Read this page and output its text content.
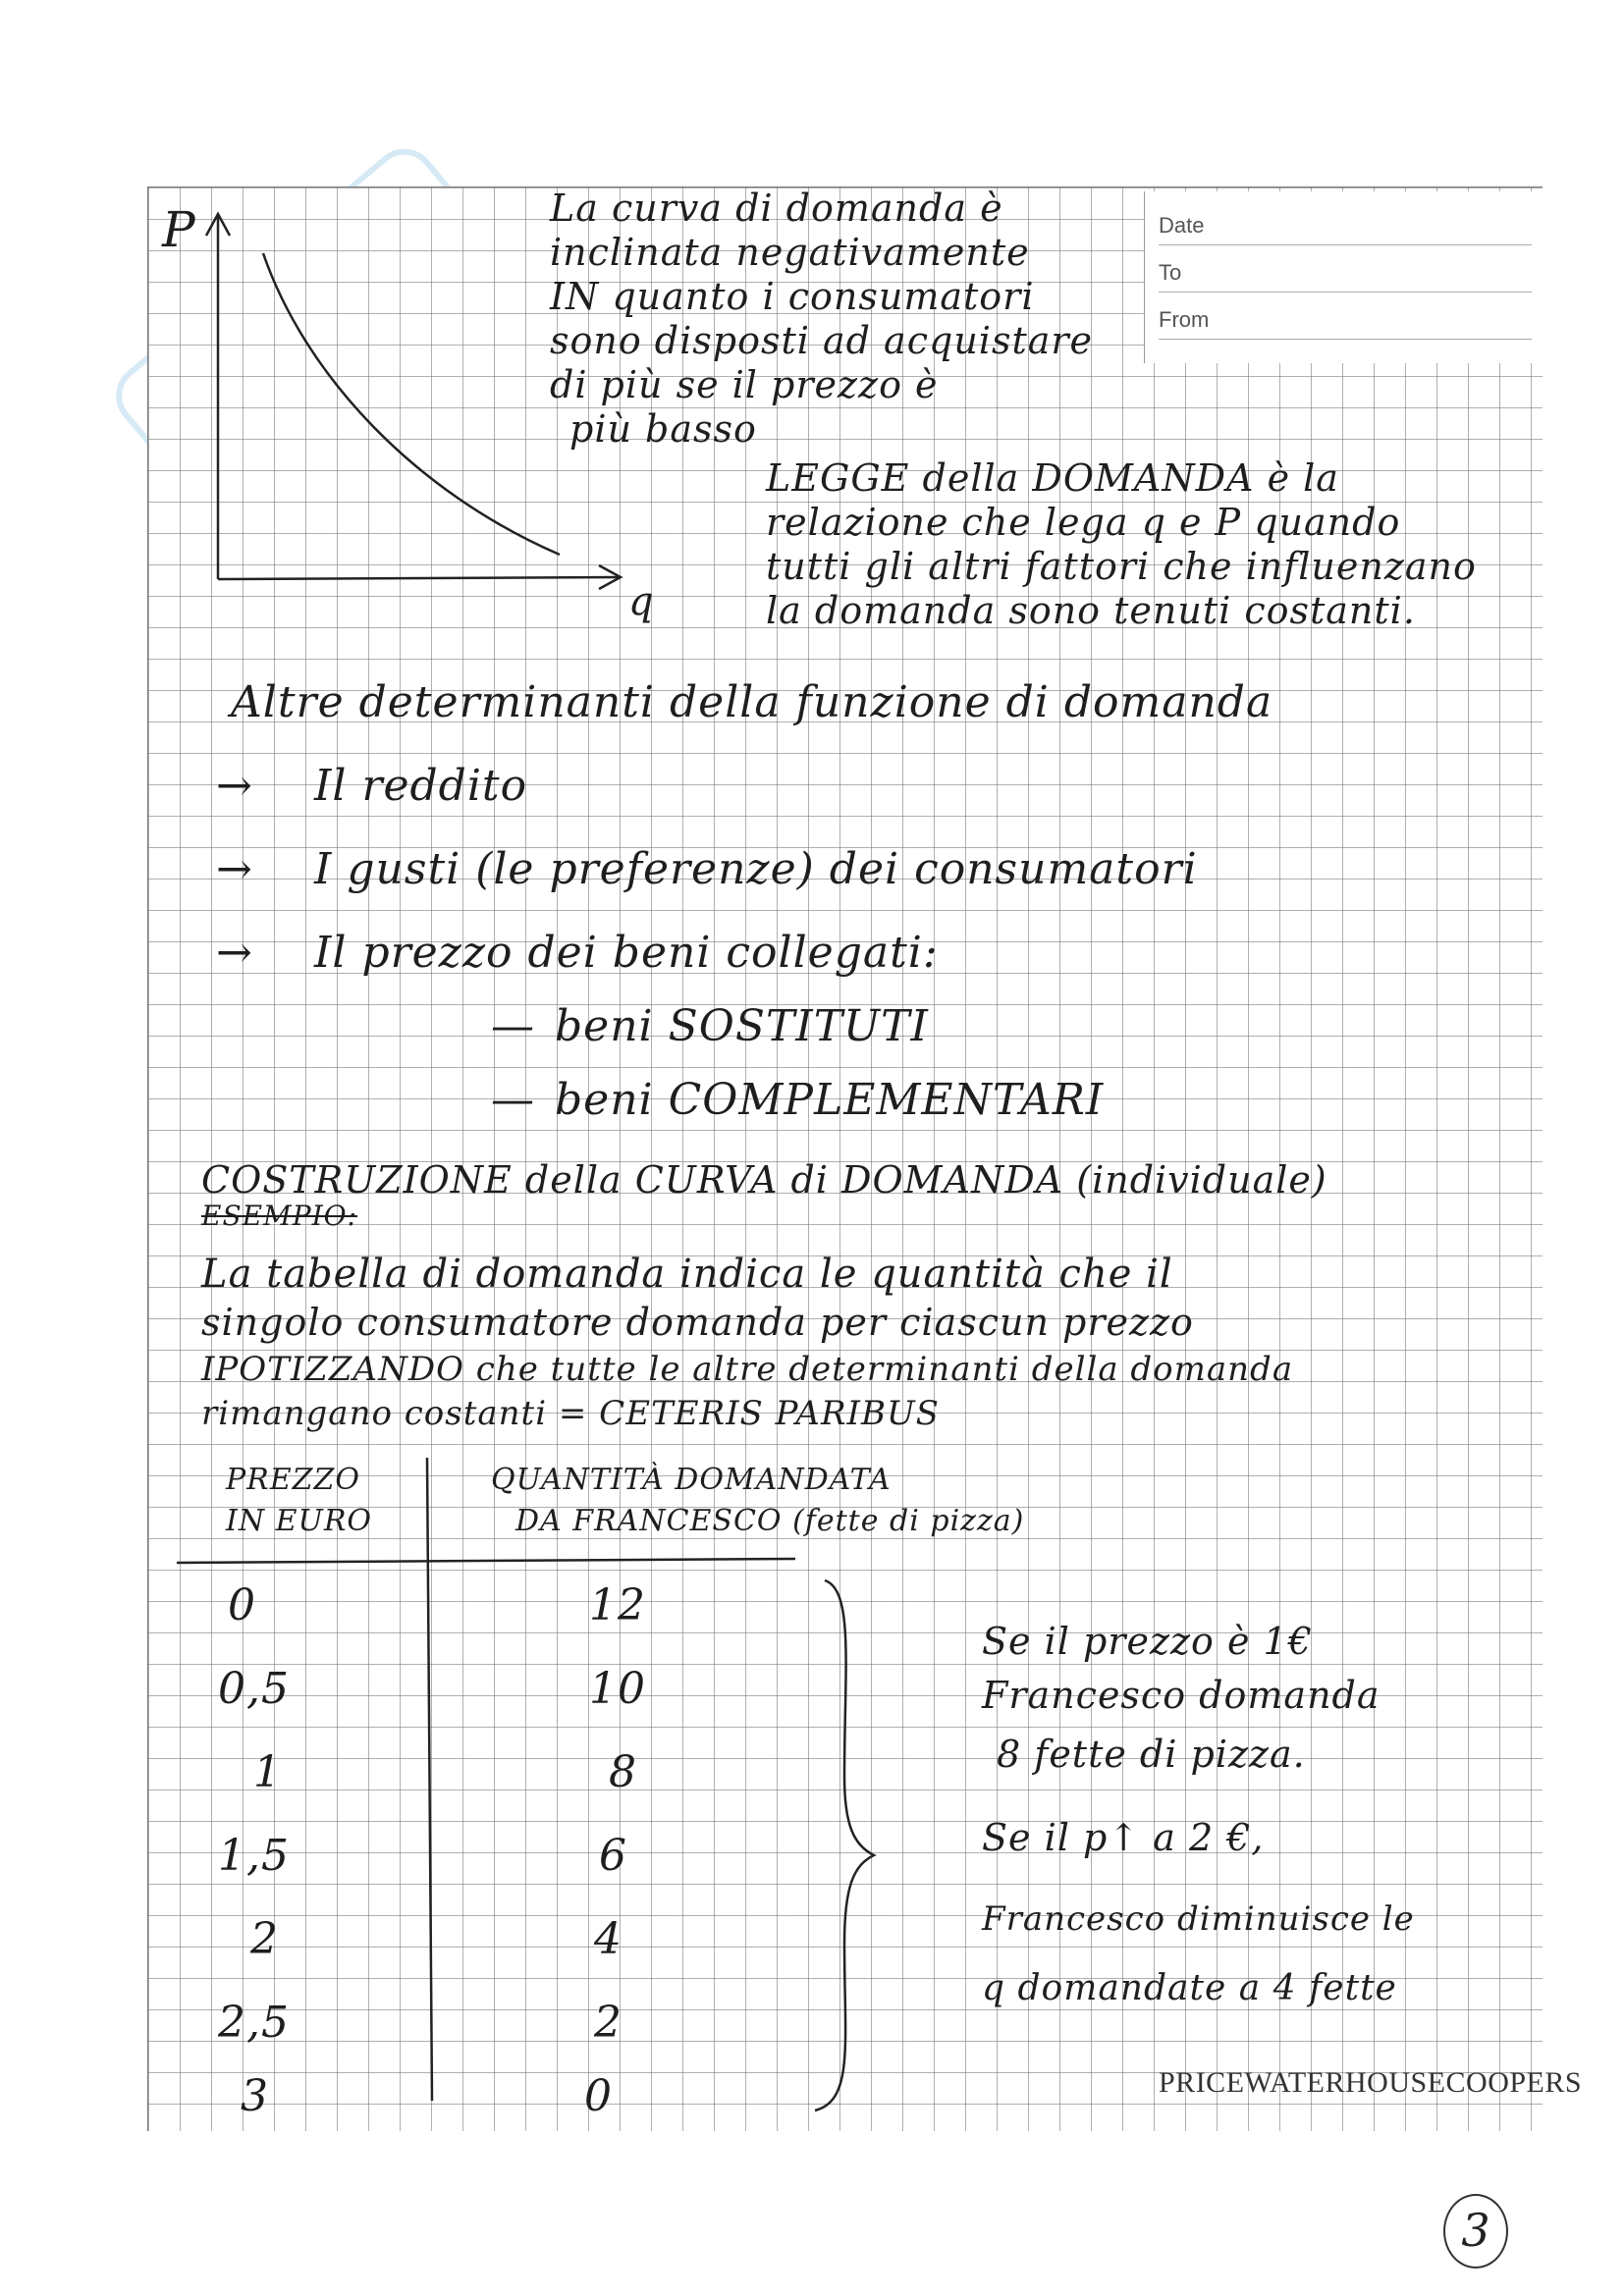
Date
To
From
P
q
La curva di domanda è
inclinata negativamente
IN quanto i consumatori
sono disposti ad acquistare
di più se il prezzo è
più basso
LEGGE della DOMANDA è la
relazione che lega q e P quando
tutti gli altri fattori che influenzano
la domanda sono tenuti costanti.
Altre determinanti della funzione di domanda
→ Il reddito
→ I gusti (le preferenze) dei consumatori
→ Il prezzo dei beni collegati:
— beni SOSTITUTI
— beni COMPLEMENTARI
COSTRUZIONE della CURVA di DOMANDA (individuale)
ESEMPIO:
La tabella di domanda indica le quantità che il
singolo consumatore domanda per ciascun prezzo
IPOTIZZANDO che tutte le altre determinanti della domanda
rimangano costanti = CETERIS PARIBUS
PREZZO
IN EURO
QUANTITÀ DOMANDATA
DA FRANCESCO (fette di pizza)
0	12
0,5	10
1	8
1,5	6
2	4
2,5	2
3	0
Se il prezzo è 1€
Francesco domanda
8 fette di pizza.
Se il p↑ a 2 €,
Francesco diminuisce le
q domandate a 4 fette
PRICEWATERHOUSECOOPERS
3
